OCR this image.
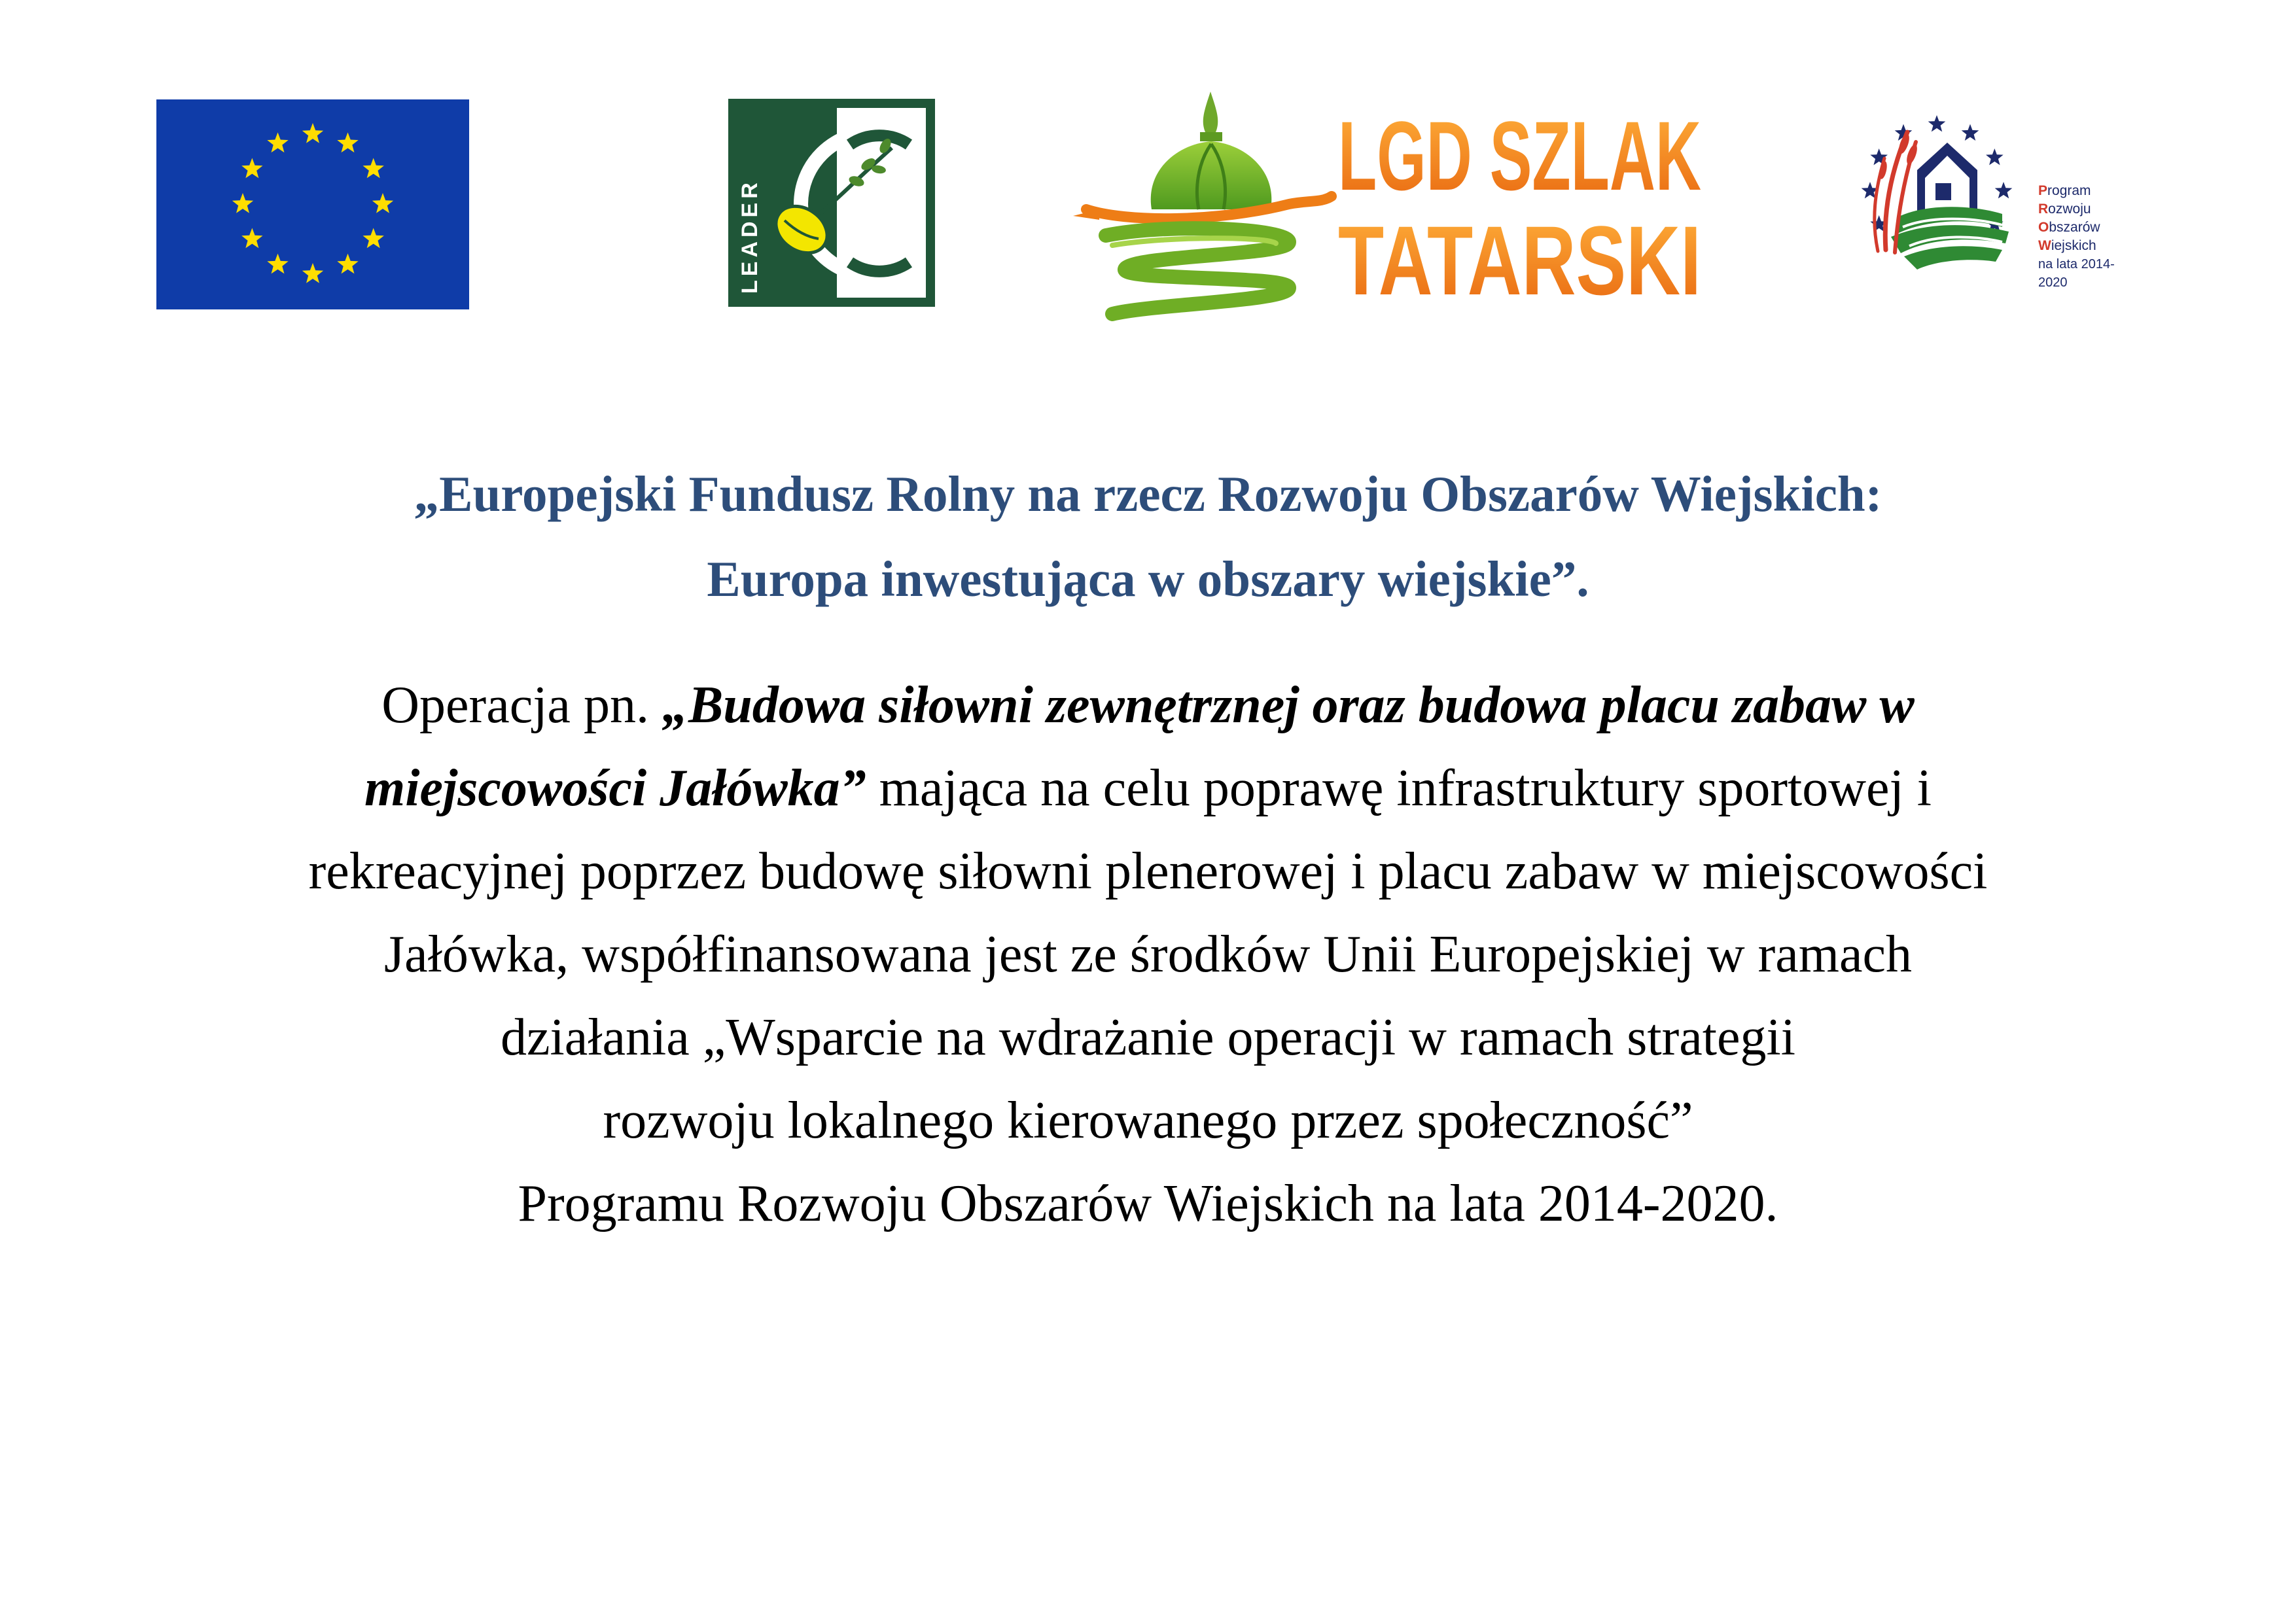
LEADER
LGD SZLAK
TATARSKI
Program
Rozwoju
Obszarów
Wiejskich
na lata 2014-2020
„Europejski Fundusz Rolny na rzecz Rozwoju Obszarów Wiejskich:
Europa inwestująca w obszary wiejskie”.
Operacja pn. „Budowa siłowni zewnętrznej oraz budowa placu zabaw w
miejscowości Jałówka” mająca na celu poprawę infrastruktury sportowej i
rekreacyjnej poprzez budowę siłowni plenerowej i placu zabaw w miejscowości
Jałówka, współfinansowana jest ze środków Unii Europejskiej w ramach
działania „Wsparcie na wdrażanie operacji w ramach strategii
rozwoju lokalnego kierowanego przez społeczność”
Programu Rozwoju Obszarów Wiejskich na lata 2014-2020.
